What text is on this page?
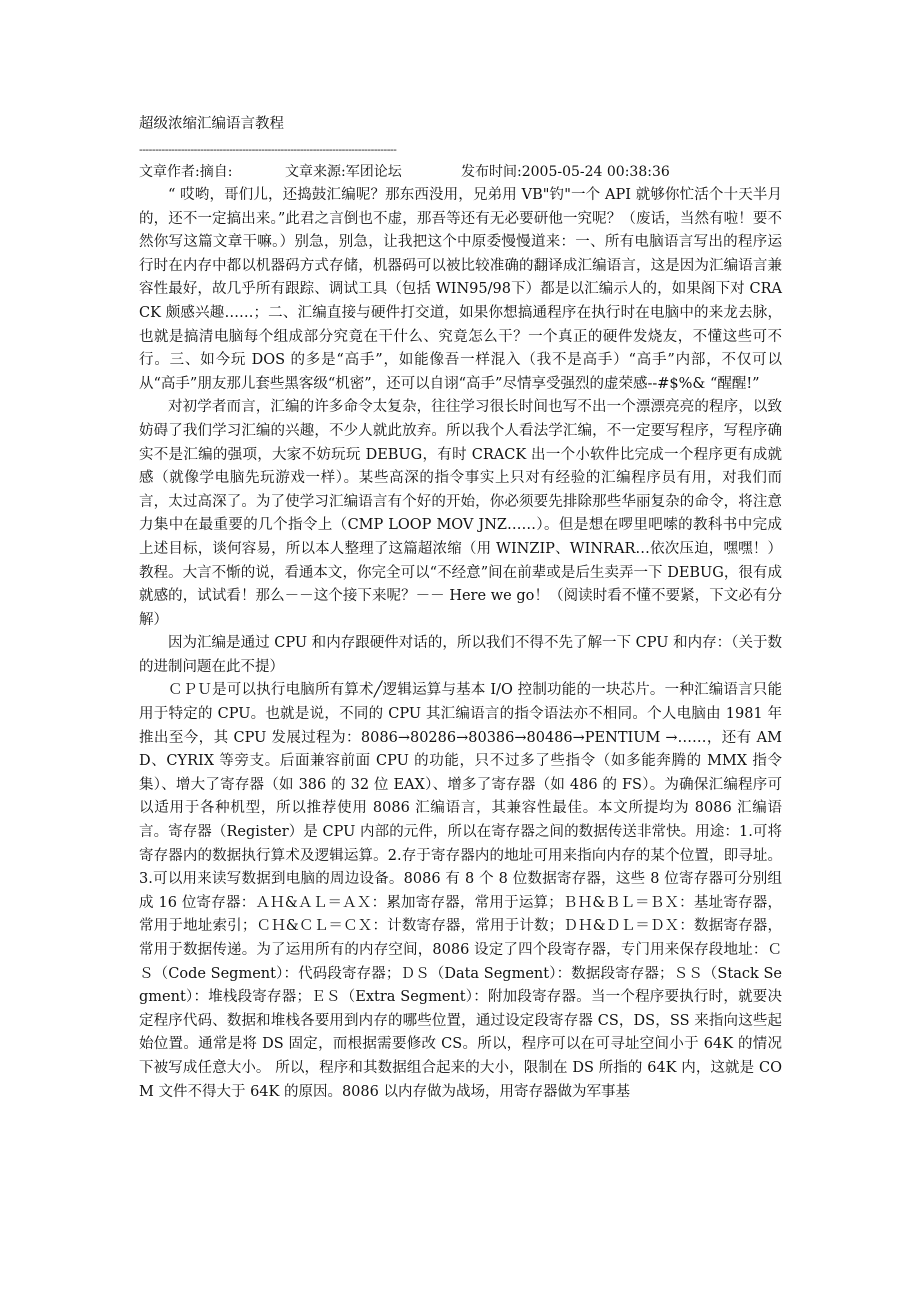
超级浓缩汇编语言教程
--------------------------------------------------------------------------------
文章作者:摘自:	文章来源:军团论坛	发布时间:2005-05-24 00:38:36

“ 哎哟，哥们儿，还捣鼓汇编呢？那东西没用，兄弟用 VB"钓"一个 API 就够你忙活个十天半月的，还不一定搞出来。”此君之言倒也不虚，那吾等还有无必要研他一究呢？（废话，当然有啦！要不然你写这篇文章干嘛。）别急，别急，让我把这个中原委慢慢道来：一、所有电脑语言写出的程序运行时在内存中都以机器码方式存储，机器码可以被比较准确的翻译成汇编语言，这是因为汇编语言兼容性最好，故几乎所有跟踪、调试工具（包括 WIN95/98下）都是以汇编示人的，如果阁下对 CRACK 颇感兴趣……；二、汇编直接与硬件打交道，如果你想搞通程序在执行时在电脑中的来龙去脉，也就是搞清电脑每个组成部分究竟在干什么、究竟怎么干？一个真正的硬件发烧友，不懂这些可不行。三、如今玩 DOS 的多是“高手”，如能像吾一样混入（我不是高手）“高手”内部，不仅可以从“高手”朋友那儿套些黑客级“机密”，还可以自诩“高手”尽情享受强烈的虚荣感--#$%& “醒醒!”

对初学者而言，汇编的许多命令太复杂，往往学习很长时间也写不出一个漂漂亮亮的程序，以致妨碍了我们学习汇编的兴趣，不少人就此放弃。所以我个人看法学汇编，不一定要写程序，写程序确实不是汇编的强项，大家不妨玩玩 DEBUG，有时 CRACK 出一个小软件比完成一个程序更有成就感（就像学电脑先玩游戏一样）。某些高深的指令事实上只对有经验的汇编程序员有用，对我们而言，太过高深了。为了使学习汇编语言有个好的开始，你必须要先排除那些华丽复杂的命令，将注意力集中在最重要的几个指令上（CMP LOOP MOV JNZ……）。但是想在啰里吧嗦的教科书中完成上述目标，谈何容易，所以本人整理了这篇超浓缩（用 WINZIP、WINRAR…依次压迫，嘿嘿！）教程。大言不惭的说，看通本文，你完全可以“不经意”间在前辈或是后生卖弄一下 DEBUG，很有成就感的，试试看！那么－－这个接下来呢？－－ Here we go！（阅读时看不懂不要紧，下文必有分解）

因为汇编是通过 CPU 和内存跟硬件对话的，所以我们不得不先了解一下 CPU 和内存：（关于数的进制问题在此不提）

ＣＰＵ是可以执行电脑所有算术╱逻辑运算与基本 I/O 控制功能的一块芯片。一种汇编语言只能用于特定的 CPU。也就是说，不同的 CPU 其汇编语言的指令语法亦不相同。个人电脑由 1981 年推出至今，其 CPU 发展过程为：8086→80286→80386→80486→PENTIUM →……，还有 AMD、CYRIX 等旁支。后面兼容前面 CPU 的功能，只不过多了些指令（如多能奔腾的 MMX 指令集）、增大了寄存器（如 386 的 32 位 EAX）、增多了寄存器（如 486 的 FS）。为确保汇编程序可以适用于各种机型，所以推荐使用 8086 汇编语言，其兼容性最佳。本文所提均为 8086 汇编语言。寄存器（Register）是 CPU 内部的元件，所以在寄存器之间的数据传送非常快。用途：1.可将寄存器内的数据执行算术及逻辑运算。2.存于寄存器内的地址可用来指向内存的某个位置，即寻址。3.可以用来读写数据到电脑的周边设备。8086 有 8 个 8 位数据寄存器，这些 8 位寄存器可分别组成 16 位寄存器：ＡＨ&ＡＬ＝ＡＸ：累加寄存器，常用于运算；ＢＨ&ＢＬ＝ＢＸ：基址寄存器，常用于地址索引；ＣＨ&ＣＬ＝ＣＸ：计数寄存器，常用于计数；ＤＨ&ＤＬ＝ＤＸ：数据寄存器，常用于数据传递。为了运用所有的内存空间，8086 设定了四个段寄存器，专门用来保存段地址：ＣＳ（Code Segment）：代码段寄存器；ＤＳ（Data Segment）：数据段寄存器；ＳＳ（Stack Segment）：堆栈段寄存器；ＥＳ（Extra Segment）：附加段寄存器。当一个程序要执行时，就要决定程序代码、数据和堆栈各要用到内存的哪些位置，通过设定段寄存器 CS，DS，SS 来指向这些起始位置。通常是将 DS 固定，而根据需要修改 CS。所以，程序可以在可寻址空间小于 64K 的情况下被写成任意大小。 所以，程序和其数据组合起来的大小，限制在 DS 所指的 64K 内，这就是 COM 文件不得大于 64K 的原因。8086 以内存做为战场，用寄存器做为军事基
